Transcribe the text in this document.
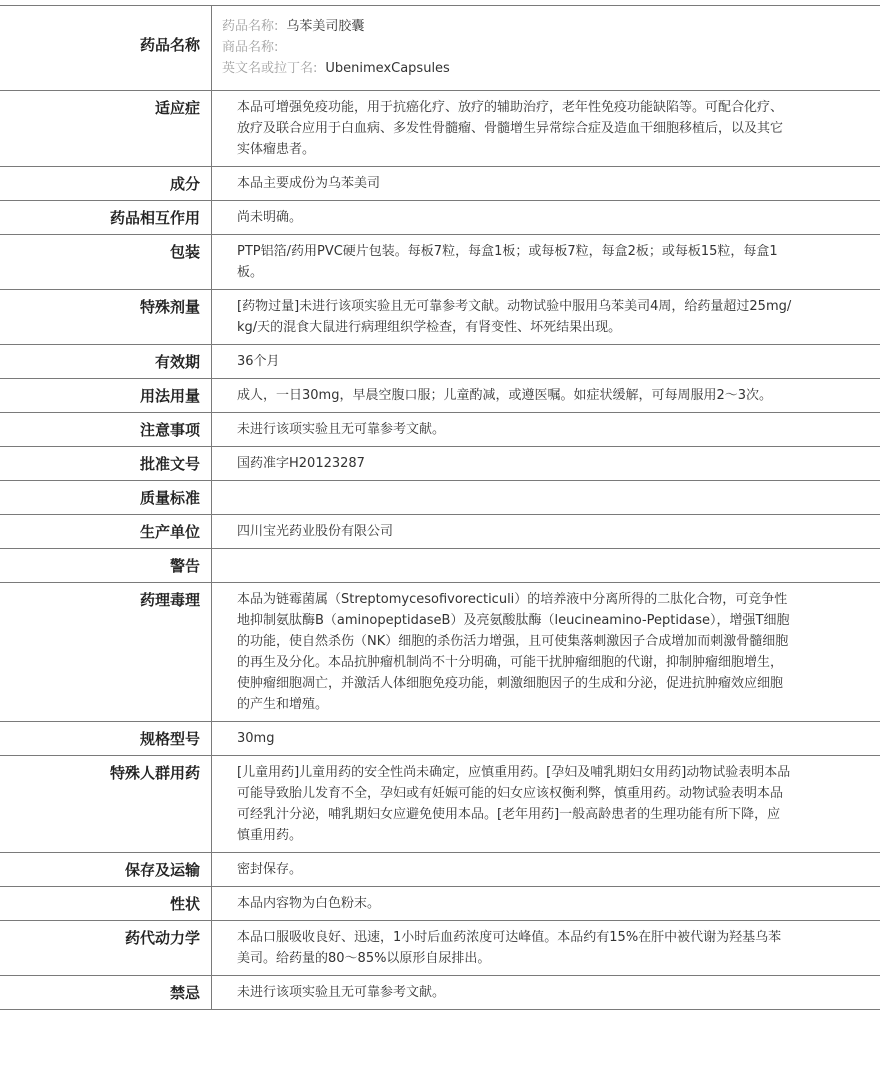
药品名称	药品名称: 乌苯美司胶囊
商品名称:
英文名或拉丁名: UbenimexCapsules

适应症	本品可增强免疫功能，用于抗癌化疗、放疗的辅助治疗，老年性免疫功能缺陷等。可配合化疗、放疗及联合应用于白血病、多发性骨髓瘤、骨髓增生异常综合症及造血干细胞移植后，以及其它实体瘤患者。
成分	本品主要成份为乌苯美司
药品相互作用	尚未明确。
包装	PTP铝箔/药用PVC硬片包装。每板7粒，每盒1板；或每板7粒，每盒2板；或每板15粒，每盒1板。
特殊剂量	[药物过量]未进行该项实验且无可靠参考文献。动物试验中服用乌苯美司4周，给药量超过25mg/kg/天的混食大鼠进行病理组织学检查，有肾变性、坏死结果出现。
有效期	36个月
用法用量	成人，一日30mg，早晨空腹口服；儿童酌减，或遵医嘱。如症状缓解，可每周服用2～3次。
注意事项	未进行该项实验且无可靠参考文献。
批准文号	国药准字H20123287
质量标准	
生产单位	四川宝光药业股份有限公司
警告	
药理毒理	本品为链霉菌属（Streptomycesofivorecticuli）的培养液中分离所得的二肽化合物，可竞争性地抑制氨肽酶B（aminopeptidaseB）及亮氨酸肽酶（leucineamino-Peptidase），增强T细胞的功能，使自然杀伤（NK）细胞的杀伤活力增强，且可使集落刺激因子合成增加而刺激骨髓细胞的再生及分化。本品抗肿瘤机制尚不十分明确，可能干扰肿瘤细胞的代谢，抑制肿瘤细胞增生，使肿瘤细胞凋亡，并激活人体细胞免疫功能，刺激细胞因子的生成和分泌，促进抗肿瘤效应细胞的产生和增殖。
规格型号	30mg
特殊人群用药	[儿童用药]儿童用药的安全性尚未确定，应慎重用药。[孕妇及哺乳期妇女用药]动物试验表明本品可能导致胎儿发育不全，孕妇或有妊娠可能的妇女应该权衡利弊，慎重用药。动物试验表明本品可经乳汁分泌，哺乳期妇女应避免使用本品。[老年用药]一般高龄患者的生理功能有所下降，应慎重用药。
保存及运输	密封保存。
性状	本品内容物为白色粉末。
药代动力学	本品口服吸收良好、迅速，1小时后血药浓度可达峰值。本品约有15%在肝中被代谢为羟基乌苯美司。给药量的80～85%以原形自尿排出。
禁忌	未进行该项实验且无可靠参考文献。
